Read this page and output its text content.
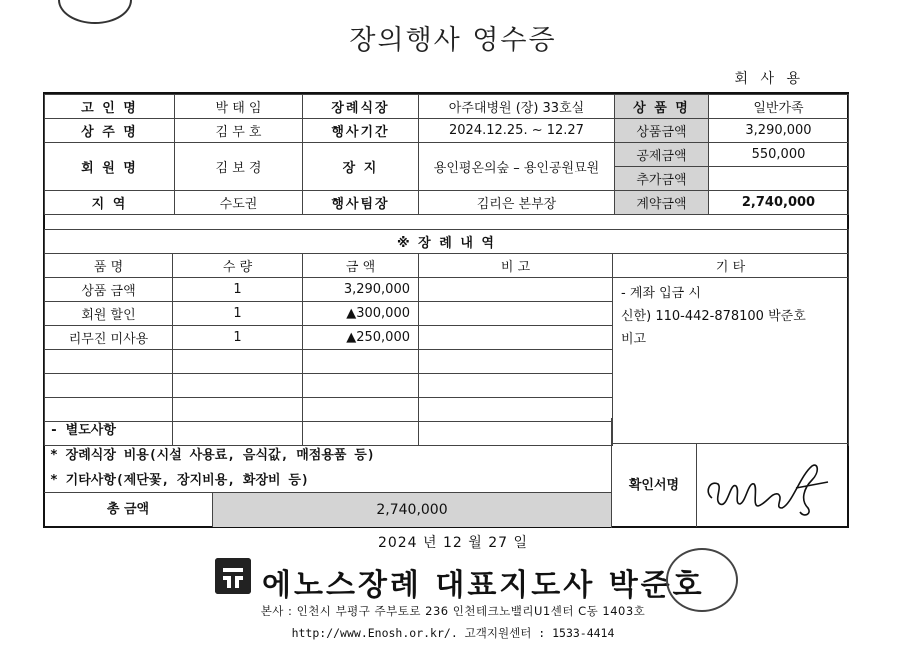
장의행사 영수증
회 사 용
고 인 명	박 태 임	장례식장	아주대병원 (장) 33호실	상 품 명	일반가족
상 주 명	김 무 호	행사기간	2024.12.25. ~ 12.27	상품금액	3,290,000
회 원 명	김 보 경	장 지	용인평온의숲 – 용인공원묘원	공제금액	550,000
				추가금액	
지 역	수도권	행사팀장	김리은 본부장	계약금액	2,740,000
※ 장 례 내 역				
품 명	수 량	금 액	비 고	기 타
상품 금액	1	3,290,000		- 계좌 입금 시
신한) 110-442-878100 박준호
비고

회원 할인	1	▲300,000		
리무진 미사용	1	▲250,000		

- 별도사항
* 장례식장 비용(시설 사용료, 음식값, 매점용품 등)
* 기타사항(제단꽃, 장지비용, 화장비 등)	확인서명
총 금액	2,740,000
2024 년 12 월 27 일
에노스장례 대표지도사 박준호
본사 : 인천시 부평구 주부토로 236 인천테크노밸리U1센터 C동 1403호
http://www.Enosh.or.kr/. 고객지원센터 : 1533-4414
